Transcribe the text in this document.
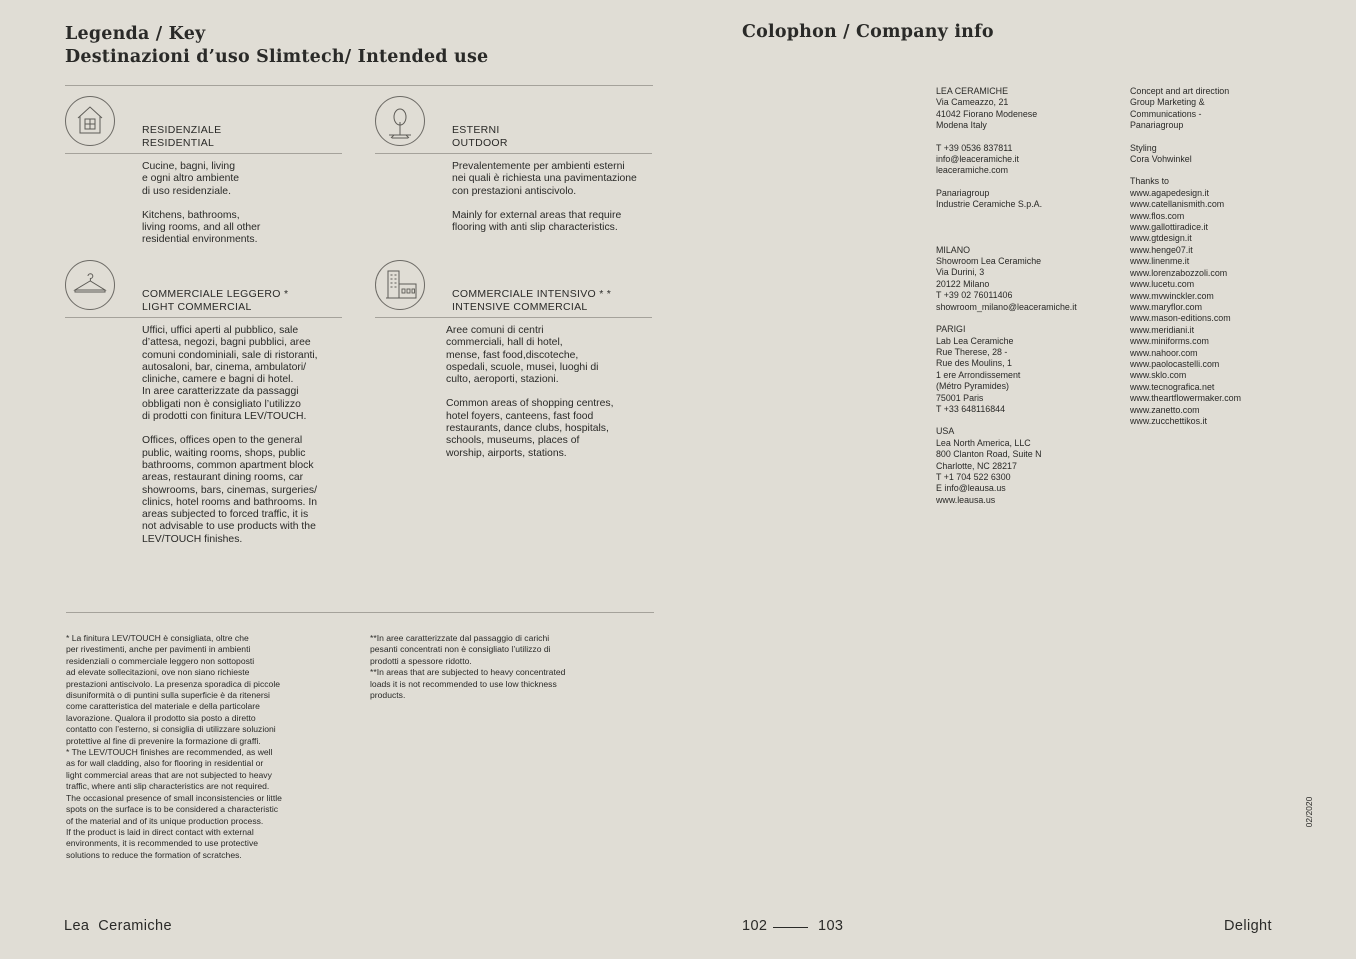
Legenda / Key
Destinazioni d’uso Slimtech/ Intended use
RESIDENZIALE
RESIDENTIAL

Cucine, bagni, living
e ogni altro ambiente
di uso residenziale.

Kitchens, bathrooms,
living rooms, and all other
residential environments.

ESTERNI
OUTDOOR

Prevalentemente per ambienti esterni
nei quali è richiesta una pavimentazione
con prestazioni antiscivolo.

Mainly for external areas that require
flooring with anti slip characteristics.

COMMERCIALE LEGGERO *
LIGHT COMMERCIAL

Uffici, uffici aperti al pubblico, sale
d’attesa, negozi, bagni pubblici, aree
comuni condominiali, sale di ristoranti,
autosaloni, bar, cinema, ambulatori/
cliniche, camere e bagni di hotel.
In aree caratterizzate da passaggi
obbligati non è consigliato l’utilizzo
di prodotti con finitura LEV/TOUCH.

Offices, offices open to the general
public, waiting rooms, shops, public
bathrooms, common apartment block
areas, restaurant dining rooms, car
showrooms, bars, cinemas, surgeries/
clinics, hotel rooms and bathrooms. In
areas subjected to forced traffic, it is
not advisable to use products with the
LEV/TOUCH finishes.

COMMERCIALE INTENSIVO * *
INTENSIVE COMMERCIAL

Aree comuni di centri
commerciali, hall di hotel,
mense, fast food,discoteche,
ospedali, scuole, musei, luoghi di
culto, aeroporti, stazioni.

Common areas of shopping centres,
hotel foyers, canteens, fast food
restaurants, dance clubs, hospitals,
schools, museums, places of
worship, airports, stations.

* La finitura LEV/TOUCH è consigliata, oltre che
per rivestimenti, anche per pavimenti in ambienti
residenziali o commerciale leggero non sottoposti
ad elevate sollecitazioni, ove non siano richieste
prestazioni antiscivolo. La presenza sporadica di piccole
disuniformità o di puntini sulla superficie è da ritenersi
come caratteristica del materiale e della particolare
lavorazione. Qualora il prodotto sia posto a diretto
contatto con l’esterno, si consiglia di utilizzare soluzioni
protettive al fine di prevenire la formazione di graffi.
* The LEV/TOUCH finishes are recommended, as well
as for wall cladding, also for flooring in residential or
light commercial areas that are not subjected to heavy
traffic, where anti slip characteristics are not required.
The occasional presence of small inconsistencies or little
spots on the surface is to be considered a characteristic
of the material and of its unique production process.
If the product is laid in direct contact with external
environments, it is recommended to use protective
solutions to reduce the formation of scratches.
**In aree caratterizzate dal passaggio di carichi
pesanti concentrati non è consigliato l’utilizzo di
prodotti a spessore ridotto.
**In areas that are subjected to heavy concentrated
loads it is not recommended to use low thickness
products.
Colophon / Company info

LEA CERAMICHE
Via Cameazzo, 21
41042 Fiorano Modenese
Modena Italy

T +39 0536 837811
info@leaceramiche.it
leaceramiche.com

Panariagroup
Industrie Ceramiche S.p.A.

MILANO
Showroom Lea Ceramiche
Via Durini, 3
20122 Milano
T +39 02 76011406
showroom_milano@leaceramiche.it

PARIGI
Lab Lea Ceramiche
Rue Therese, 28 -
Rue des Moulins, 1
1 ere Arrondissement
(Métro Pyramides)
75001 Paris
T +33 648116844

USA
Lea North America, LLC
800 Clanton Road, Suite N
Charlotte, NC 28217
T +1 704 522 6300
E info@leausa.us
www.leausa.us

Concept and art direction
Group Marketing &
Communications -
Panariagroup

Styling
Cora Vohwinkel

Thanks to
www.agapedesign.it
www.catellanismith.com
www.flos.com
www.gallottiradice.it
www.gtdesign.it
www.henge07.it
www.linenme.it
www.lorenzabozzoli.com
www.lucetu.com
www.mvwinckler.com
www.maryflor.com
www.mason-editions.com
www.meridiani.it
www.miniforms.com
www.nahoor.com
www.paolocastelli.com
www.sklo.com
www.tecnografica.net
www.theartflowermaker.com
www.zanetto.com
www.zucchettikos.it

02/2020
Lea  Ceramiche	102	103	Delight
